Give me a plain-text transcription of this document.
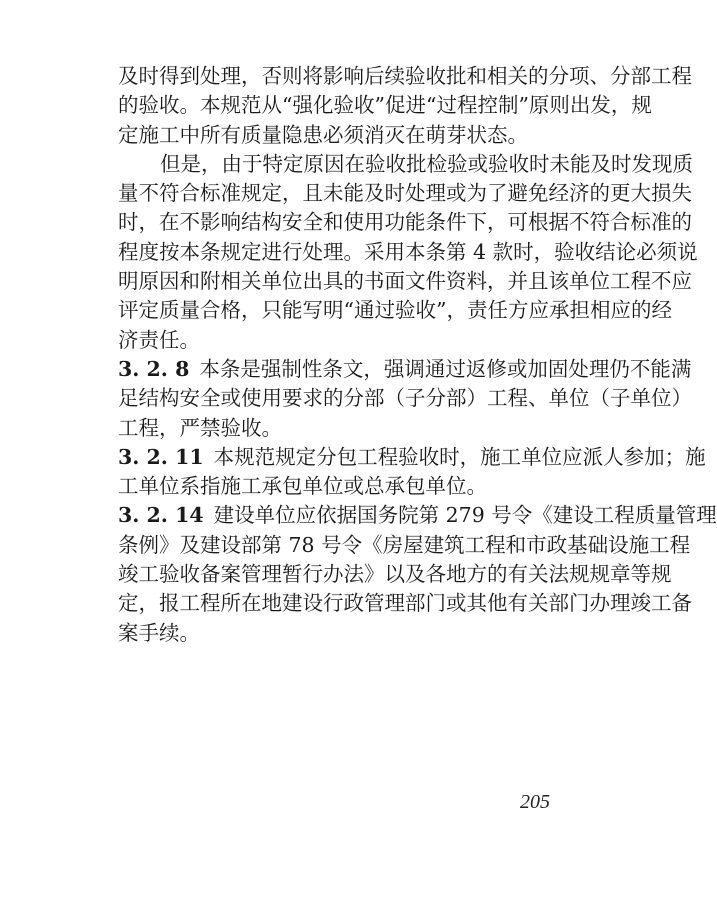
及时得到处理，否则将影响后续验收批和相关的分项、分部工程
的验收。本规范从“强化验收”促进“过程控制”原则出发，规
定施工中所有质量隐患必须消灭在萌芽状态。
但是，由于特定原因在验收批检验或验收时未能及时发现质
量不符合标准规定，且未能及时处理或为了避免经济的更大损失
时，在不影响结构安全和使用功能条件下，可根据不符合标准的
程度按本条规定进行处理。采用本条第 4 款时，验收结论必须说
明原因和附相关单位出具的书面文件资料，并且该单位工程不应
评定质量合格，只能写明“通过验收”，责任方应承担相应的经
济责任。
3. 2. 8 本条是强制性条文，强调通过返修或加固处理仍不能满
足结构安全或使用要求的分部（子分部）工程、单位（子单位）
工程，严禁验收。
3. 2. 11 本规范规定分包工程验收时，施工单位应派人参加；施
工单位系指施工承包单位或总承包单位。
3. 2. 14 建设单位应依据国务院第 279 号令《建设工程质量管理
条例》及建设部第 78 号令《房屋建筑工程和市政基础设施工程
竣工验收备案管理暂行办法》以及各地方的有关法规规章等规
定，报工程所在地建设行政管理部门或其他有关部门办理竣工备
案手续。
205
